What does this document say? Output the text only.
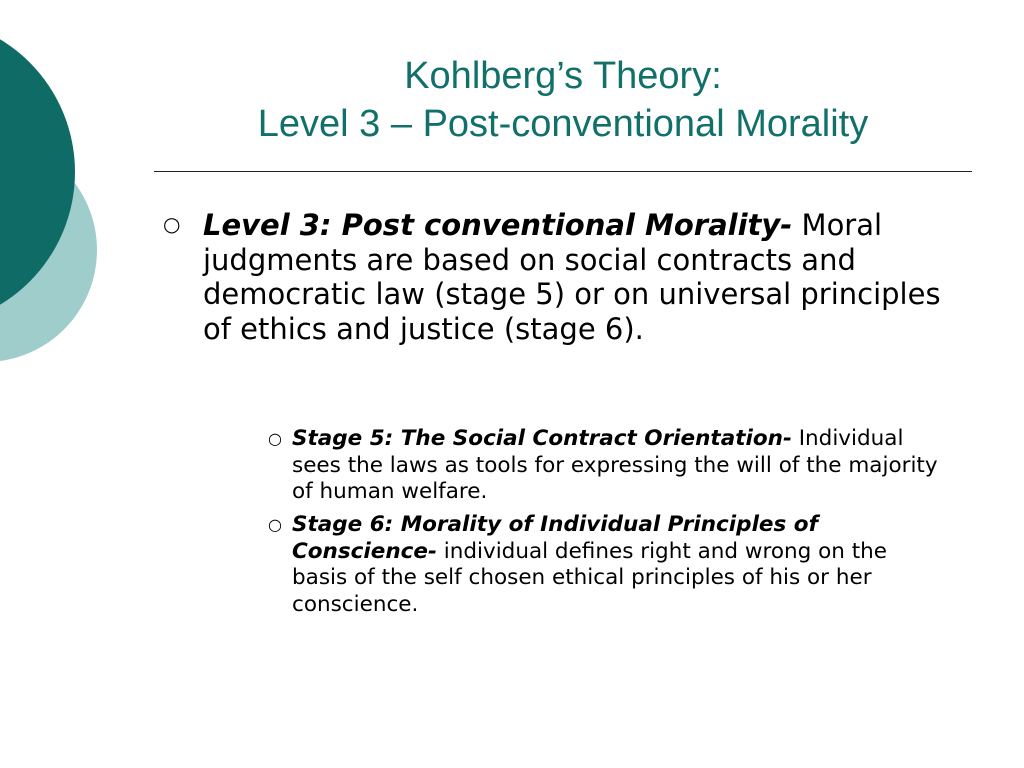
Kohlberg’s Theory:
Level 3 – Post-conventional Morality
○ Level 3: Post conventional Morality- Moral judgments are based on social contracts and democratic law (stage 5) or on universal principles of ethics and justice (stage 6).
○ Stage 5: The Social Contract Orientation- Individual sees the laws as tools for expressing the will of the majority of human welfare.
○ Stage 6: Morality of Individual Principles of Conscience- individual defines right and wrong on the basis of the self chosen ethical principles of his or her conscience.
